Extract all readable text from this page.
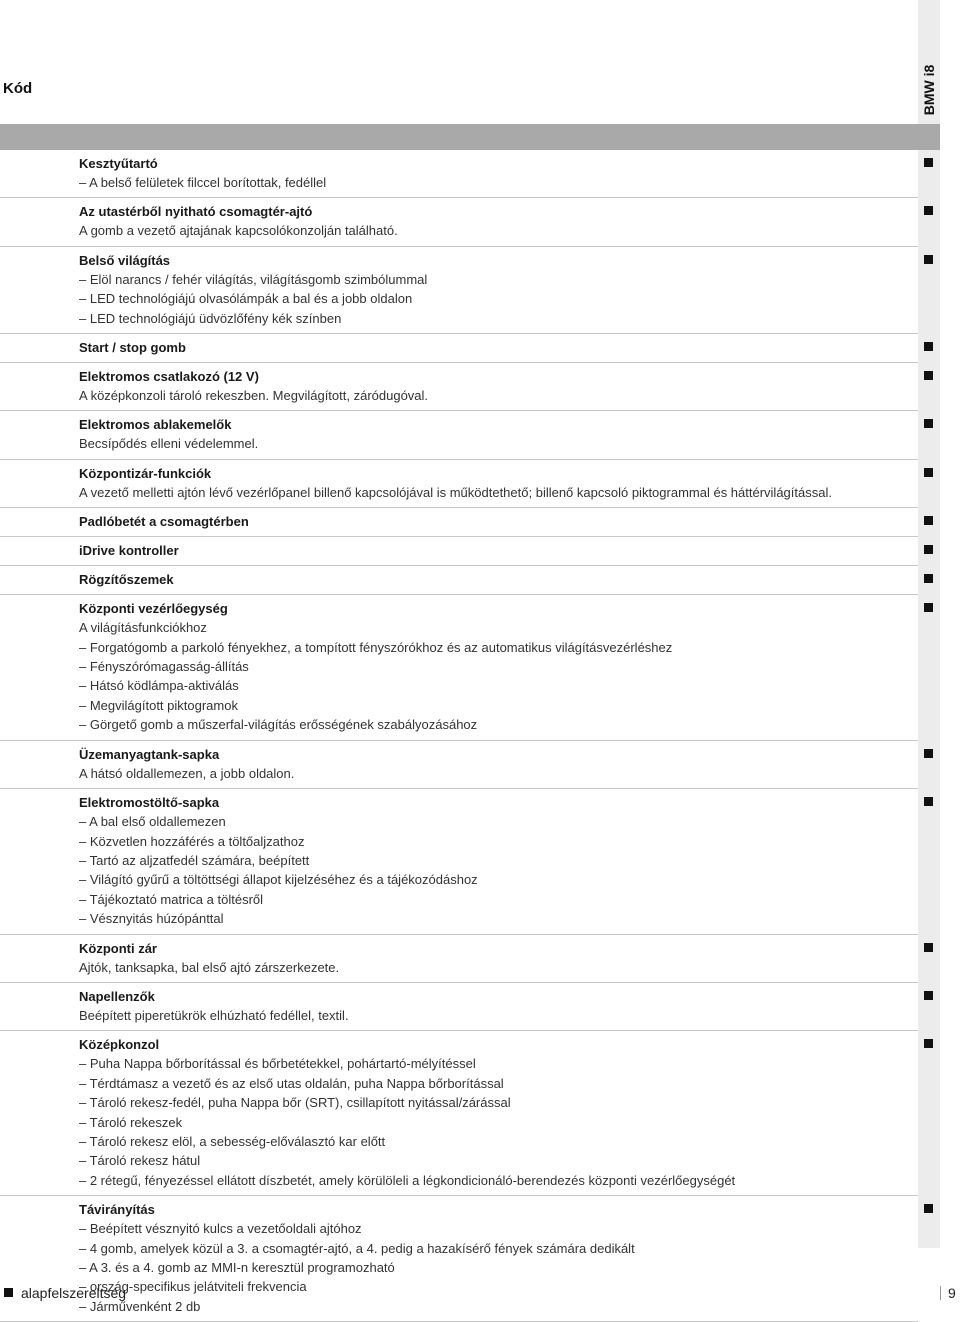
BMW i8
Kód
Kesztyűtartó
– A belső felületek filccel borítottak, fedéllel
Az utastérből nyitható csomagtér-ajtó
A gomb a vezető ajtajának kapcsolókonzolján található.
Belső világítás
– Elöl narancs / fehér világítás, világításgomb szimbólummal
– LED technológiájú olvasólámpák a bal és a jobb oldalon
– LED technológiájú üdvözlőfény kék színben
Start / stop gomb
Elektromos csatlakozó (12 V)
A középkonzoli tároló rekeszben. Megvilágított, záródugóval.
Elektromos ablakemelők
Becsípődés elleni védelemmel.
Központizár-funkciók
A vezető melletti ajtón lévő vezérlőpanel billenő kapcsolójával is működtethető; billenő kapcsoló piktogrammal és háttérvilágítással.
Padlóbetét a csomagtérben
iDrive kontroller
Rögzítőszemek
Központi vezérlőegység
A világításfunkciókhoz
– Forgatógomb a parkoló fényekhez, a tompított fényszórókhoz és az automatikus világításvezérléshez
– Fényszórómagasság-állítás
– Hátsó ködlámpa-aktiválás
– Megvilágított piktogramok
– Görgető gomb a műszerfal-világítás erősségének szabályozásához
Üzemanyagtank-sapka
A hátsó oldallemezen, a jobb oldalon.
Elektromostöltő-sapka
– A bal első oldallemezen
– Közvetlen hozzáférés a töltőaljzathoz
– Tartó az aljzatfedél számára, beépített
– Világító gyűrű a töltöttségi állapot kijelzéséhez és a tájékozódáshoz
– Tájékoztató matrica a töltésről
– Vésznyitás húzópánttal
Központi zár
Ajtók, tanksapka, bal első ajtó zárszerkezete.
Napellenzők
Beépített piperetükrök elhúzható fedéllel, textil.
Középkonzol
– Puha Nappa bőrborítással és bőrbetétekkel, pohártartó-mélyítéssel
– Térdtámasz a vezető és az első utas oldalán, puha Nappa bőrborítással
– Tároló rekesz-fedél, puha Nappa bőr (SRT), csillapított nyitással/zárással
– Tároló rekeszek
– Tároló rekesz elöl, a sebesség-előválasztó kar előtt
– Tároló rekesz hátul
– 2 rétegű, fényezéssel ellátott díszbetét, amely körülöleli a légkondicionáló-berendezés központi vezérlőegységét
Távirányítás
– Beépített vésznyitó kulcs a vezetőoldali ajtóhoz
– 4 gomb, amelyek közül a 3. a csomagtér-ajtó, a 4. pedig a hazakísérő fények számára dedikált
– A 3. és a 4. gomb az MMI-n keresztül programozható
– ország-specifikus jelátviteli frekvencia
– Járművenként 2 db
alapfelszereltség	9
